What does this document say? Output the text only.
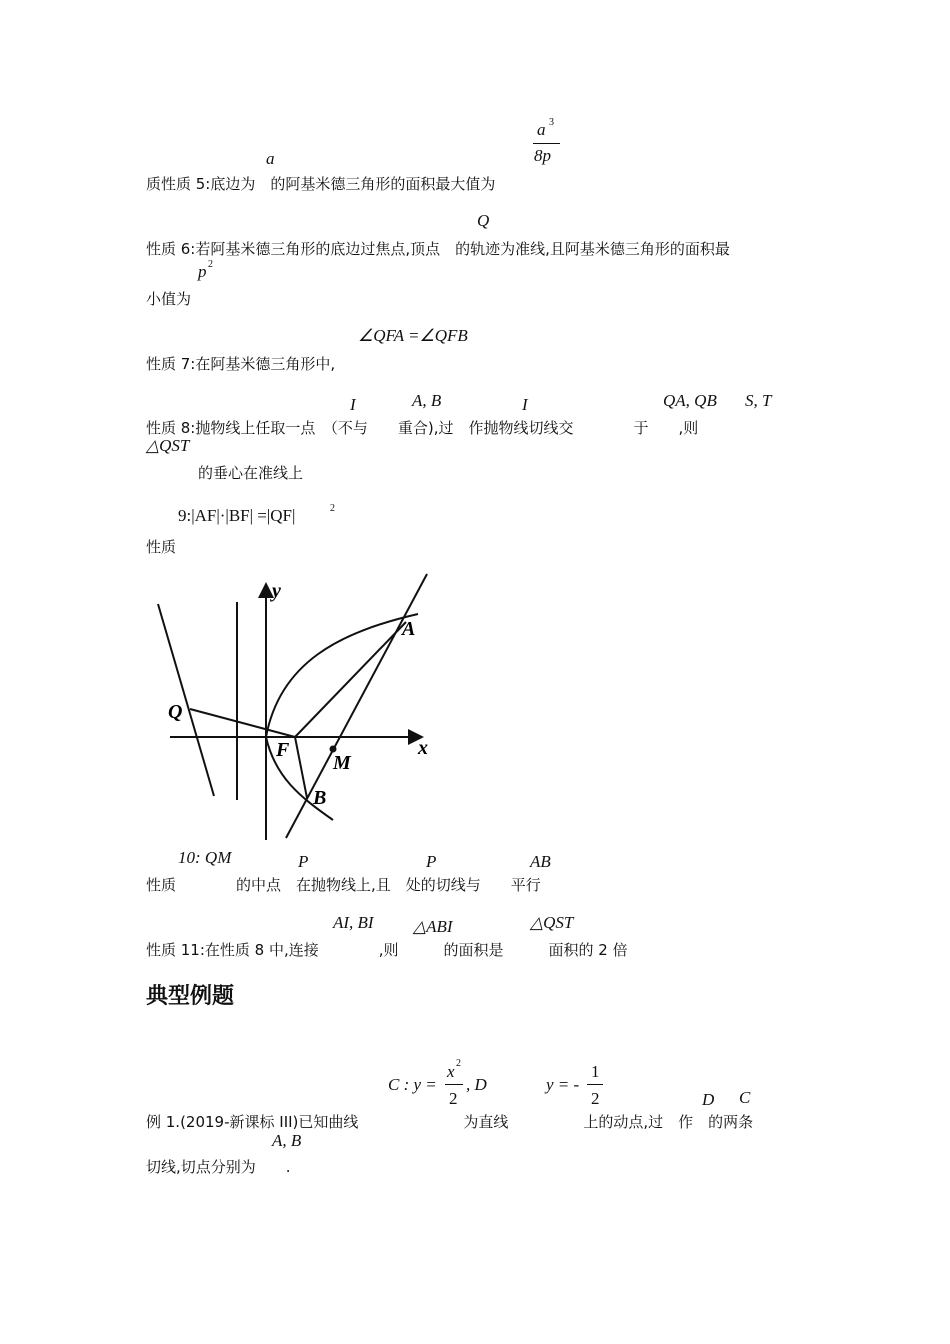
a
a 3
8p
质性质 5:底边为　的阿基米德三角形的面积最大值为
Q
性质 6:若阿基米德三角形的底边过焦点,顶点　的轨迹为准线,且阿基米德三角形的面积最
p 2
小值为
∠QFA =∠QFB
性质 7:在阿基米德三角形中,
I	A, B	I	QA, QB S, T
性质 8:抛物线上任取一点　（不与　　重合),过　作抛物线切线交　　　　于　　,则
△QST
的垂心在准线上
9:|AF|·|BF| =|QF|	2
性质
y
x
Q
A
F
M
B
10: QM	P	P	AB
性质　　　　的中点　在抛物线上,且　处的切线与　　平行
AI, BI △ABI	△QST
性质 11:在性质 8 中,连接　　　　,则　　　的面积是　　　面积的 2 倍
典型例题
C : y =
x 2
2
, D	y = -
1
2	D C
例 1.(2019-新课标 III)已知曲线　　　　　　　为直线　　　　　上的动点,过　作　的两条
A, B
切线,切点分别为　　.
